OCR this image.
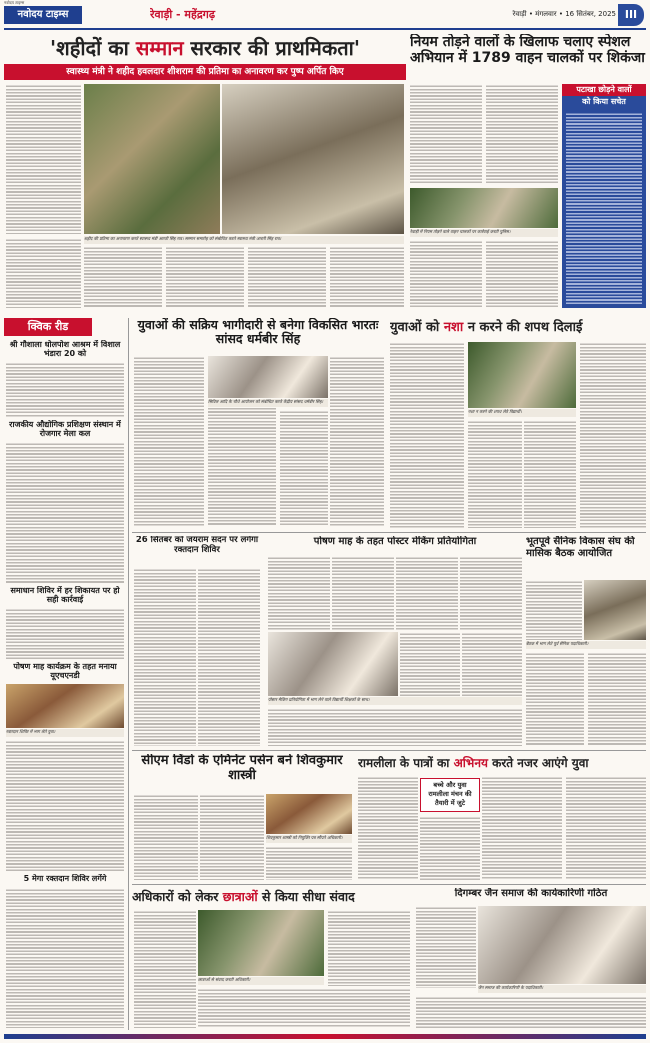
नवोदय टाइम्स
नवोदय टाइम्स
रेवाड़ी - महेंद्रगढ़	रेवाड़ी • मंगलवार • 16 सितंबर, 2025 III
'शहीदों का सम्मान सरकार की प्राथमिकता'
स्वास्थ्य मंत्री ने शहीद हवलदार शीशराम की प्रतिमा का अनावरण कर पुष्प अर्पित किए
शहीद की प्रतिमा का अनावरण करते स्वास्थ्य मंत्री आरती सिंह राव। सम्मान समारोह को संबोधित करते स्वास्थ्य मंत्री आरती सिंह राव।
नियम तोड़ने वालों के खिलाफ चलाए स्पेशल अभियान में 1789 वाहन चालकों पर शिकंजा
रेवाड़ी में नियम तोड़ने वाले वाहन चालकों पर कार्रवाई करती पुलिस।
पटाखा छोड़ने वालों
को किया सचेत
क्विक रीड
श्री गौशाला धोलपोश आश्रम में विशाल भंडारा 20 को
राजकीय औद्योगिक प्रशिक्षण संस्थान में रोजगार मेला कल
समाधान शिविर में हर शिकायत पर हो सही कार्रवाई
पोषण माह कार्यक्रम के तहत मनाया यूएचएनडी
रक्तदान शिविर में भाग लेते युवा।
5 मेगा रक्तदान शिविर लगेंगे
युवाओं की सक्रिय भागीदारी से बनेगा विकसित भारतः सांसद धर्मबीर सिंह
सिविल आदि के चौथे आयोजन को संबोधित करते केंद्रीय सांसद धर्मबीर सिंह।
युवाओं को नशा न करने की शपथ दिलाई
नशा न करने की शपथ लेते विद्यार्थी।
26 सितंबर को जयराम सदन पर लगेगा रक्तदान शिविर
पोषण माह के तहत पोस्टर मेकिंग प्रतियोगिता
पोस्टर मेकिंग प्रतियोगिता में भाग लेने वाले विद्यार्थी शिक्षकों के साथ।
भूतपूर्व सैनिक विकास संघ की मासिक बैठक आयोजित
बैठक में भाग लेते पूर्व सैनिक पदाधिकारी।
सीएम विंडो के एमिनेंट पर्सन बने शिवकुमार शास्त्री
शिवकुमार शास्त्री को नियुक्ति पत्र सौंपते अधिकारी।
रामलीला के पात्रों का अभिनय करते नजर आएंगे युवा
बच्चे और युवा रामलीला मंचन की तैयारी में जुटे
अधिकारों को लेकर छात्राओं से किया सीधा संवाद
छात्राओं से संवाद करती अधिकारी।
दिगम्बर जैन समाज की कार्यकारिणी गठित
जैन समाज की कार्यकारिणी के पदाधिकारी।
